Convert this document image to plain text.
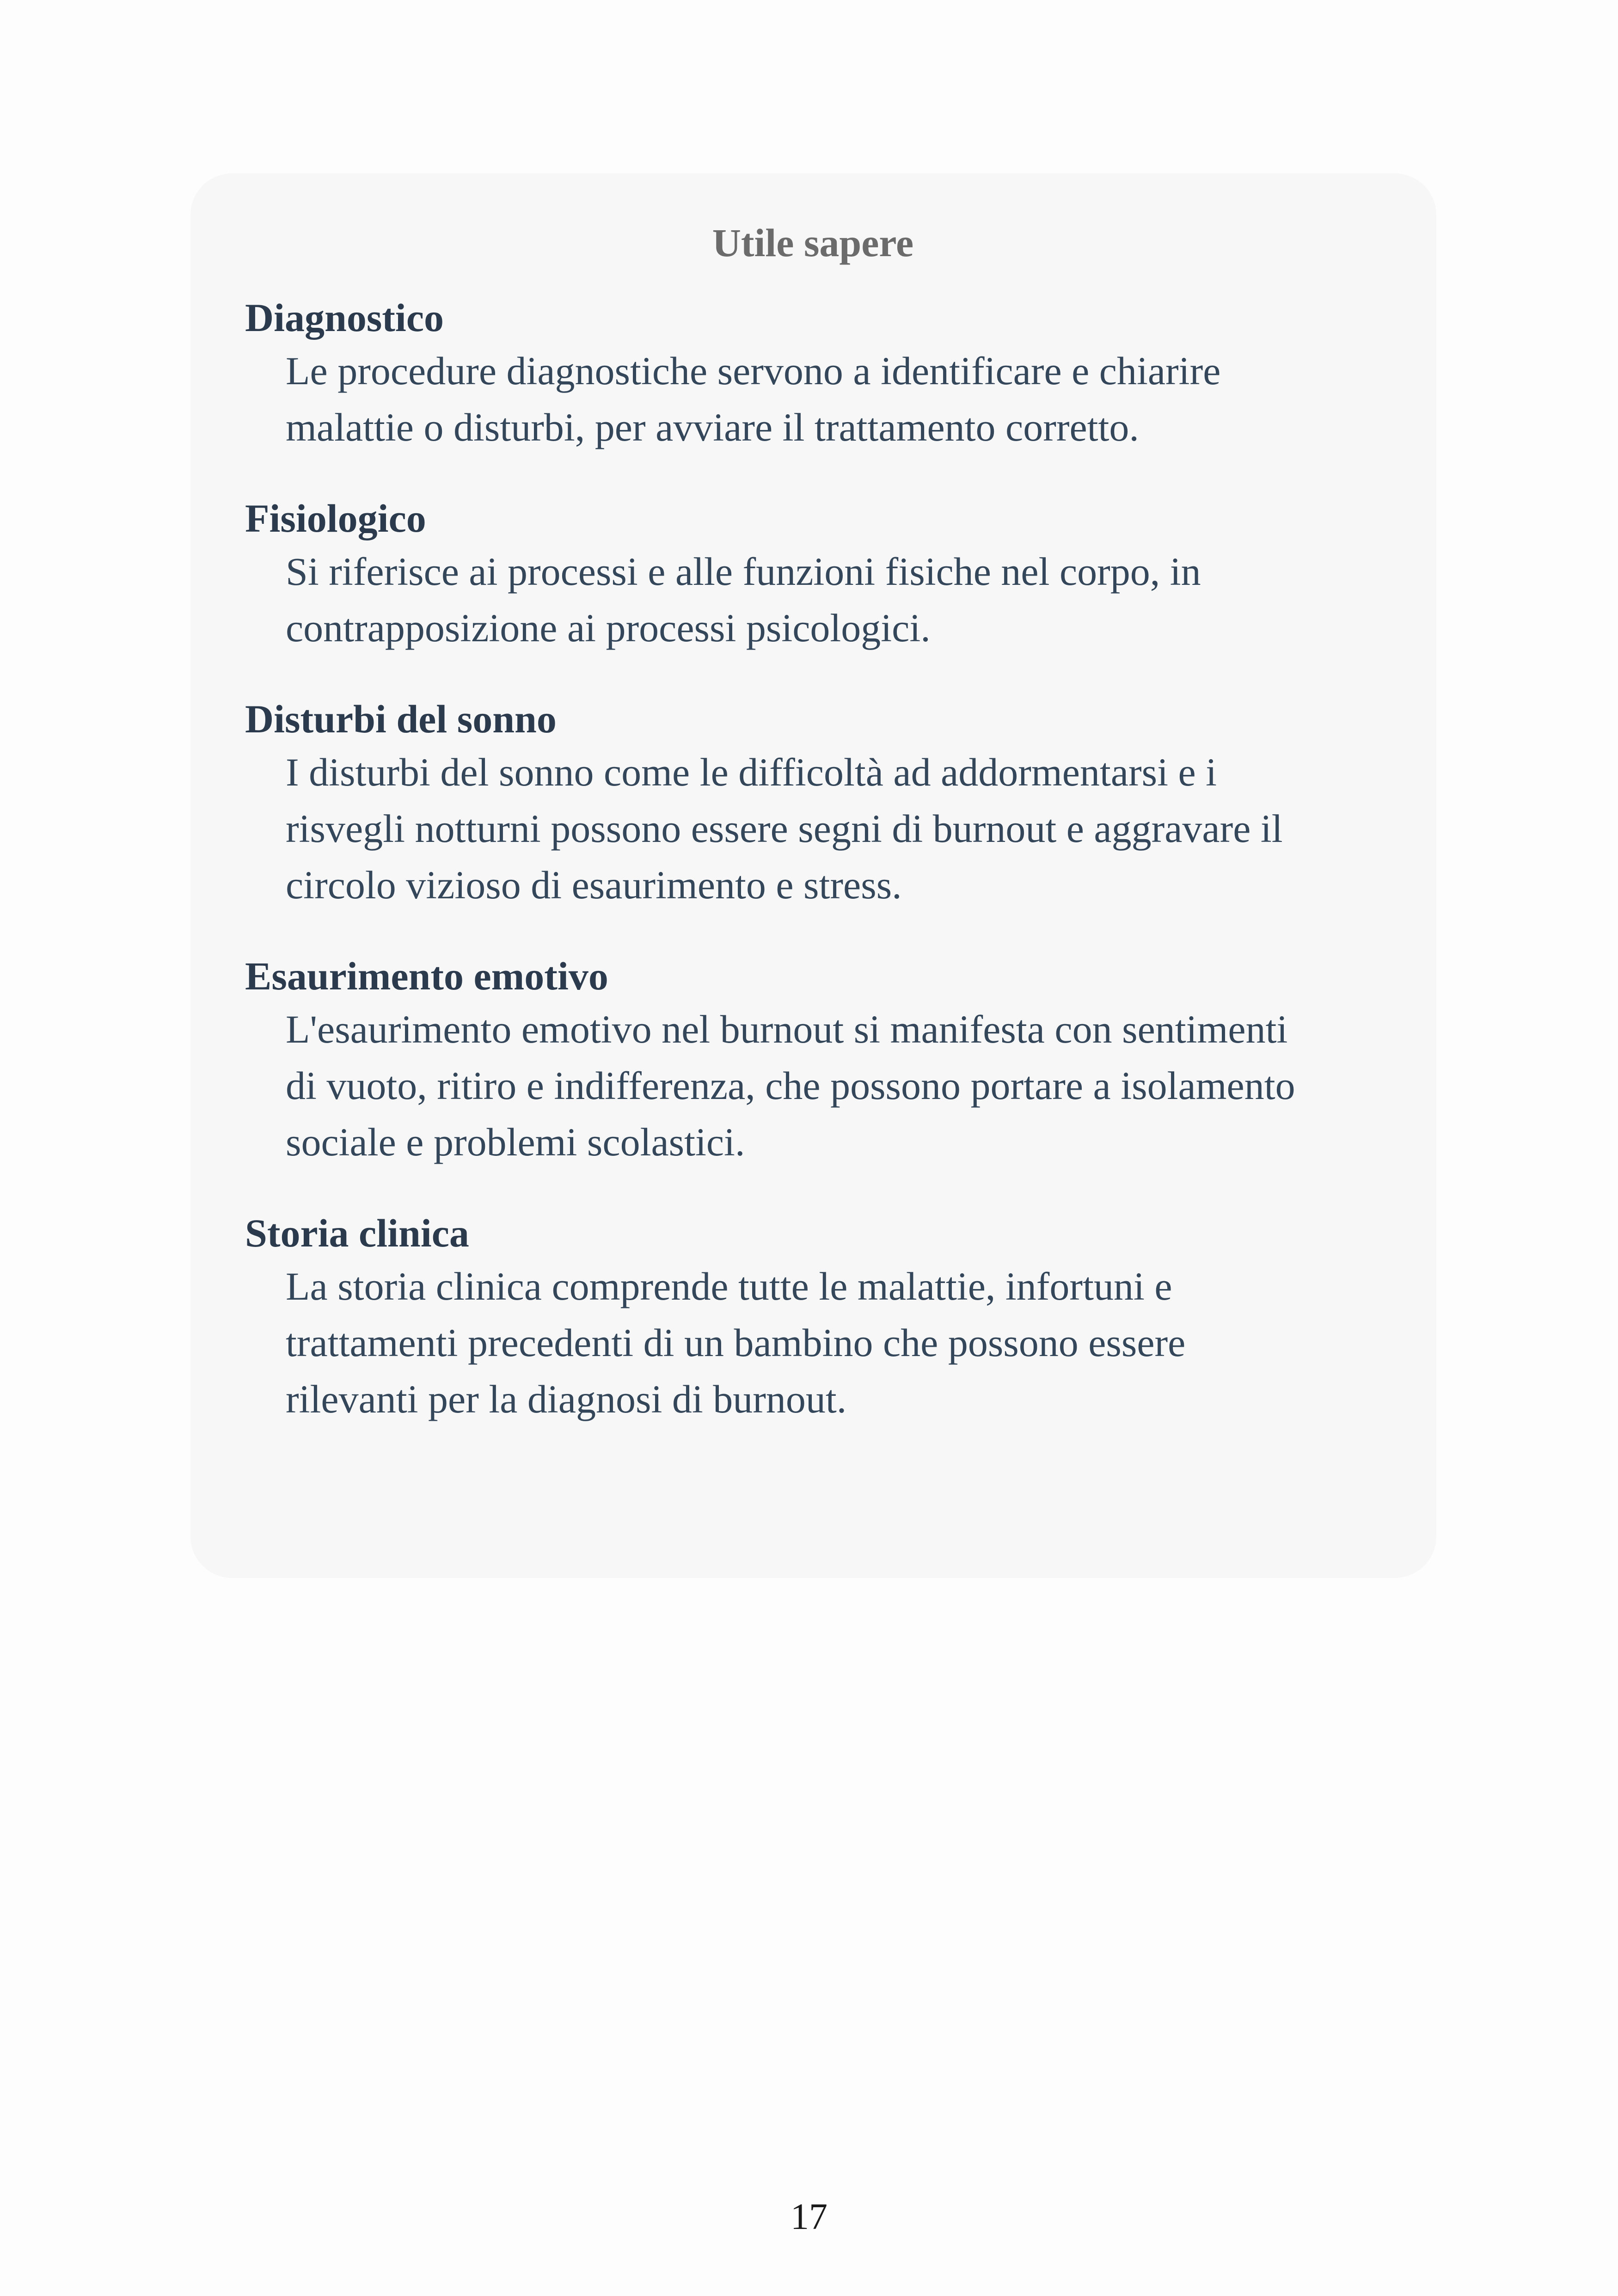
Utile sapere
Diagnostico
Le procedure diagnostiche servono a identificare e chiarire
malattie o disturbi, per avviare il trattamento corretto.
Fisiologico
Si riferisce ai processi e alle funzioni fisiche nel corpo, in
contrapposizione ai processi psicologici.
Disturbi del sonno
I disturbi del sonno come le difficoltà ad addormentarsi e i
risvegli notturni possono essere segni di burnout e aggravare il
circolo vizioso di esaurimento e stress.
Esaurimento emotivo
L'esaurimento emotivo nel burnout si manifesta con sentimenti
di vuoto, ritiro e indifferenza, che possono portare a isolamento
sociale e problemi scolastici.
Storia clinica
La storia clinica comprende tutte le malattie, infortuni e
trattamenti precedenti di un bambino che possono essere
rilevanti per la diagnosi di burnout.
17
